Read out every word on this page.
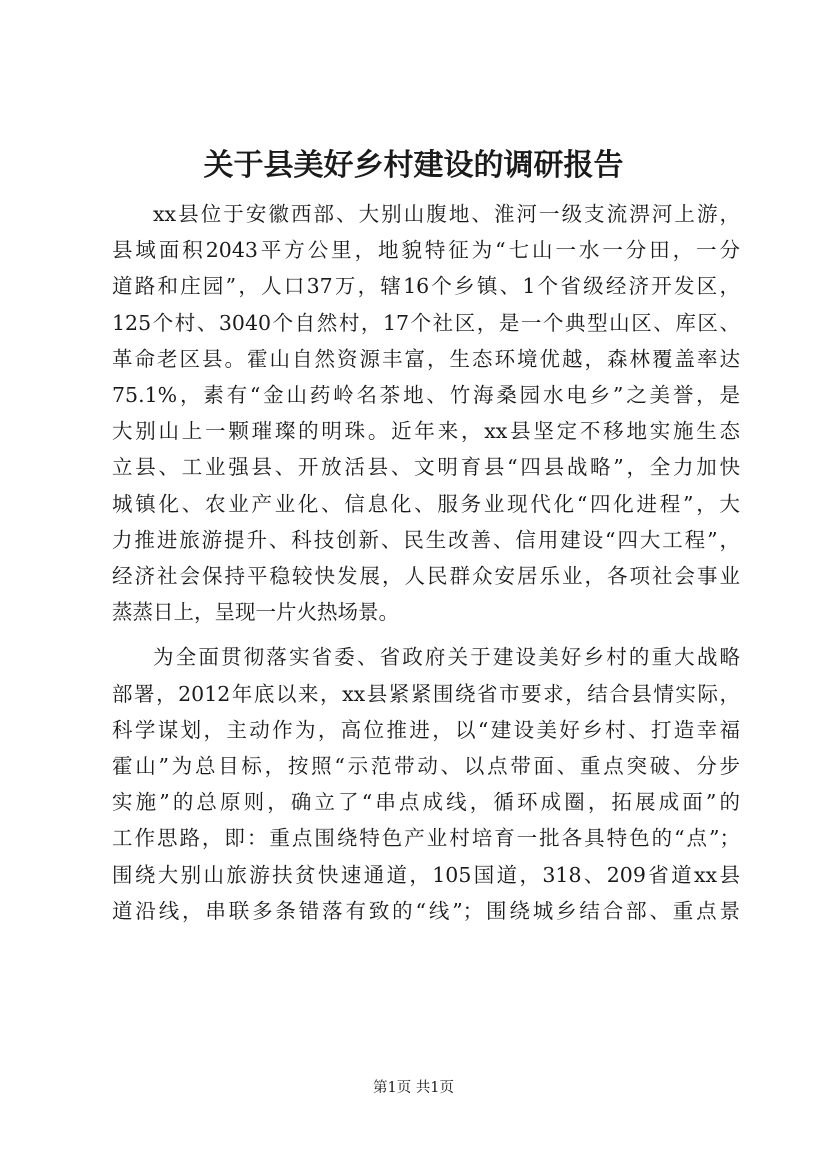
关于县美好乡村建设的调研报告

xx县位于安徽西部、大别山腹地、淮河一级支流淠河上游，
县域面积2043平方公里，地貌特征为“七山一水一分田，一分
道路和庄园”，人口37万，辖16个乡镇、1个省级经济开发区，
125个村、3040个自然村，17个社区，是一个典型山区、库区、
革命老区县。霍山自然资源丰富，生态环境优越，森林覆盖率达
75.1%，素有“金山药岭名茶地、竹海桑园水电乡”之美誉，是
大别山上一颗璀璨的明珠。近年来，xx县坚定不移地实施生态
立县、工业强县、开放活县、文明育县“四县战略”，全力加快
城镇化、农业产业化、信息化、服务业现代化“四化进程”，大
力推进旅游提升、科技创新、民生改善、信用建设“四大工程”，
经济社会保持平稳较快发展，人民群众安居乐业，各项社会事业
蒸蒸日上，呈现一片火热场景。

为全面贯彻落实省委、省政府关于建设美好乡村的重大战略
部署，2012年底以来，xx县紧紧围绕省市要求，结合县情实际，
科学谋划，主动作为，高位推进，以“建设美好乡村、打造幸福
霍山”为总目标，按照“示范带动、以点带面、重点突破、分步
实施”的总原则，确立了“串点成线，循环成圈，拓展成面”的
工作思路，即：重点围绕特色产业村培育一批各具特色的“点”；
围绕大别山旅游扶贫快速通道，105国道，318、209省道xx县
道沿线，串联多条错落有致的“线”；围绕城乡结合部、重点景

第1页 共1页
